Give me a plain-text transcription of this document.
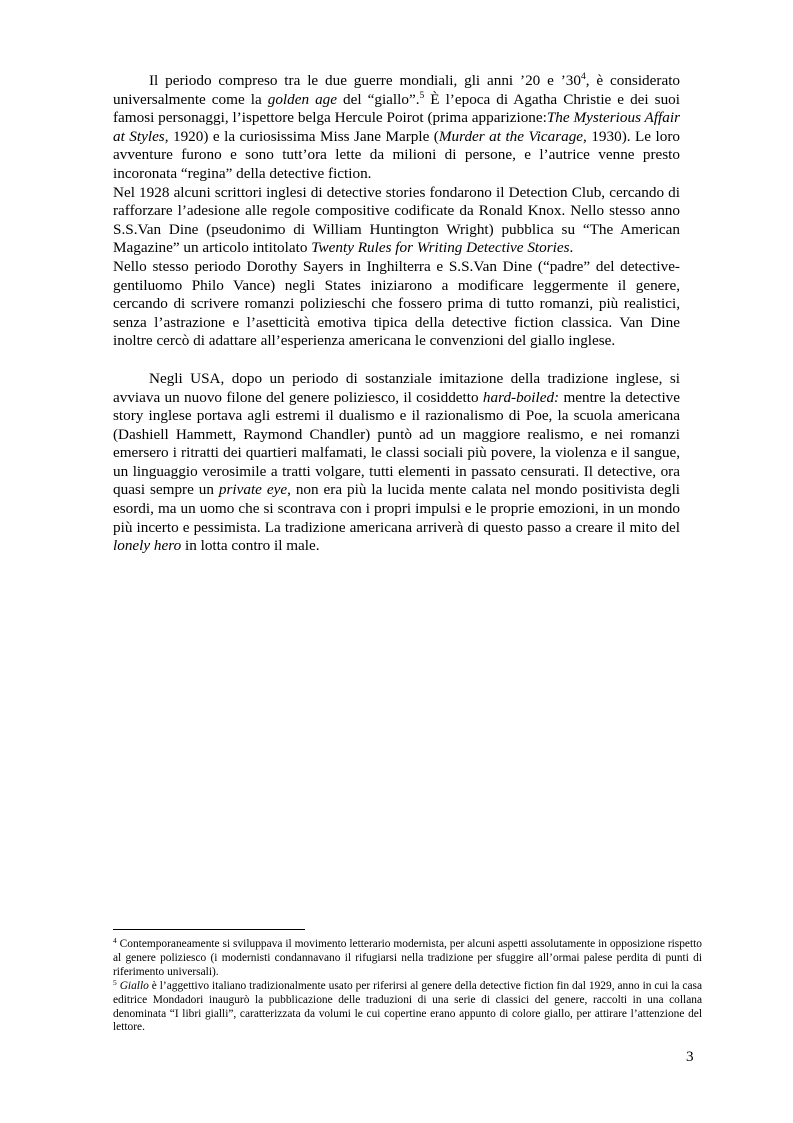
Il periodo compreso tra le due guerre mondiali, gli anni ’20 e $’30^4$, è considerato universalmente come la golden age del “giallo”.$^5$ È l’epoca di Agatha Christie e dei suoi famosi personaggi, l’ispettore belga Hercule Poirot (prima apparizione:The Mysterious Affair at Styles, 1920) e la curiosissima Miss Jane Marple (Murder at the Vicarage, 1930). Le loro avventure furono e sono tutt’ora lette da milioni di persone, e l’autrice venne presto incoronata “regina” della detective fiction.

Nel 1928 alcuni scrittori inglesi di detective stories fondarono il Detection Club, cercando di rafforzare l’adesione alle regole compositive codificate da Ronald Knox. Nello stesso anno S.S.Van Dine (pseudonimo di William Huntington Wright) pubblica su “The American Magazine” un articolo intitolato Twenty Rules for Writing Detective Stories.

Nello stesso periodo Dorothy Sayers in Inghilterra e S.S.Van Dine (“padre” del detective-gentiluomo Philo Vance) negli States iniziarono a modificare leggermente il genere, cercando di scrivere romanzi polizieschi che fossero prima di tutto romanzi, più realistici, senza l’astrazione e l’asetticità emotiva tipica della detective fiction classica. Van Dine inoltre cercò di adattare all’esperienza americana le convenzioni del giallo inglese.

Negli USA, dopo un periodo di sostanziale imitazione della tradizione inglese, si avviava un nuovo filone del genere poliziesco, il cosiddetto hard-boiled: mentre la detective story inglese portava agli estremi il dualismo e il razionalismo di Poe, la scuola americana (Dashiell Hammett, Raymond Chandler) puntò ad un maggiore realismo, e nei romanzi emersero i ritratti dei quartieri malfamati, le classi sociali più povere, la violenza e il sangue, un linguaggio verosimile a tratti volgare, tutti elementi in passato censurati. Il detective, ora quasi sempre un private eye, non era più la lucida mente calata nel mondo positivista degli esordi, ma un uomo che si scontrava con i propri impulsi e le proprie emozioni, in un mondo più incerto e pessimista. La tradizione americana arriverà di questo passo a creare il mito del lonely hero in lotta contro il male.

$^4$ Contemporaneamente si sviluppava il movimento letterario modernista, per alcuni aspetti assolutamente in opposizione rispetto al genere poliziesco (i modernisti condannavano il rifugiarsi nella tradizione per sfuggire all’ormai palese perdita di punti di riferimento universali).

$^5$ Giallo è l’aggettivo italiano tradizionalmente usato per riferirsi al genere della detective fiction fin dal 1929, anno in cui la casa editrice Mondadori inaugurò la pubblicazione delle traduzioni di una serie di classici del genere, raccolti in una collana denominata “I libri gialli”, caratterizzata da volumi le cui copertine erano appunto di colore giallo, per attirare l’attenzione del lettore.

3
